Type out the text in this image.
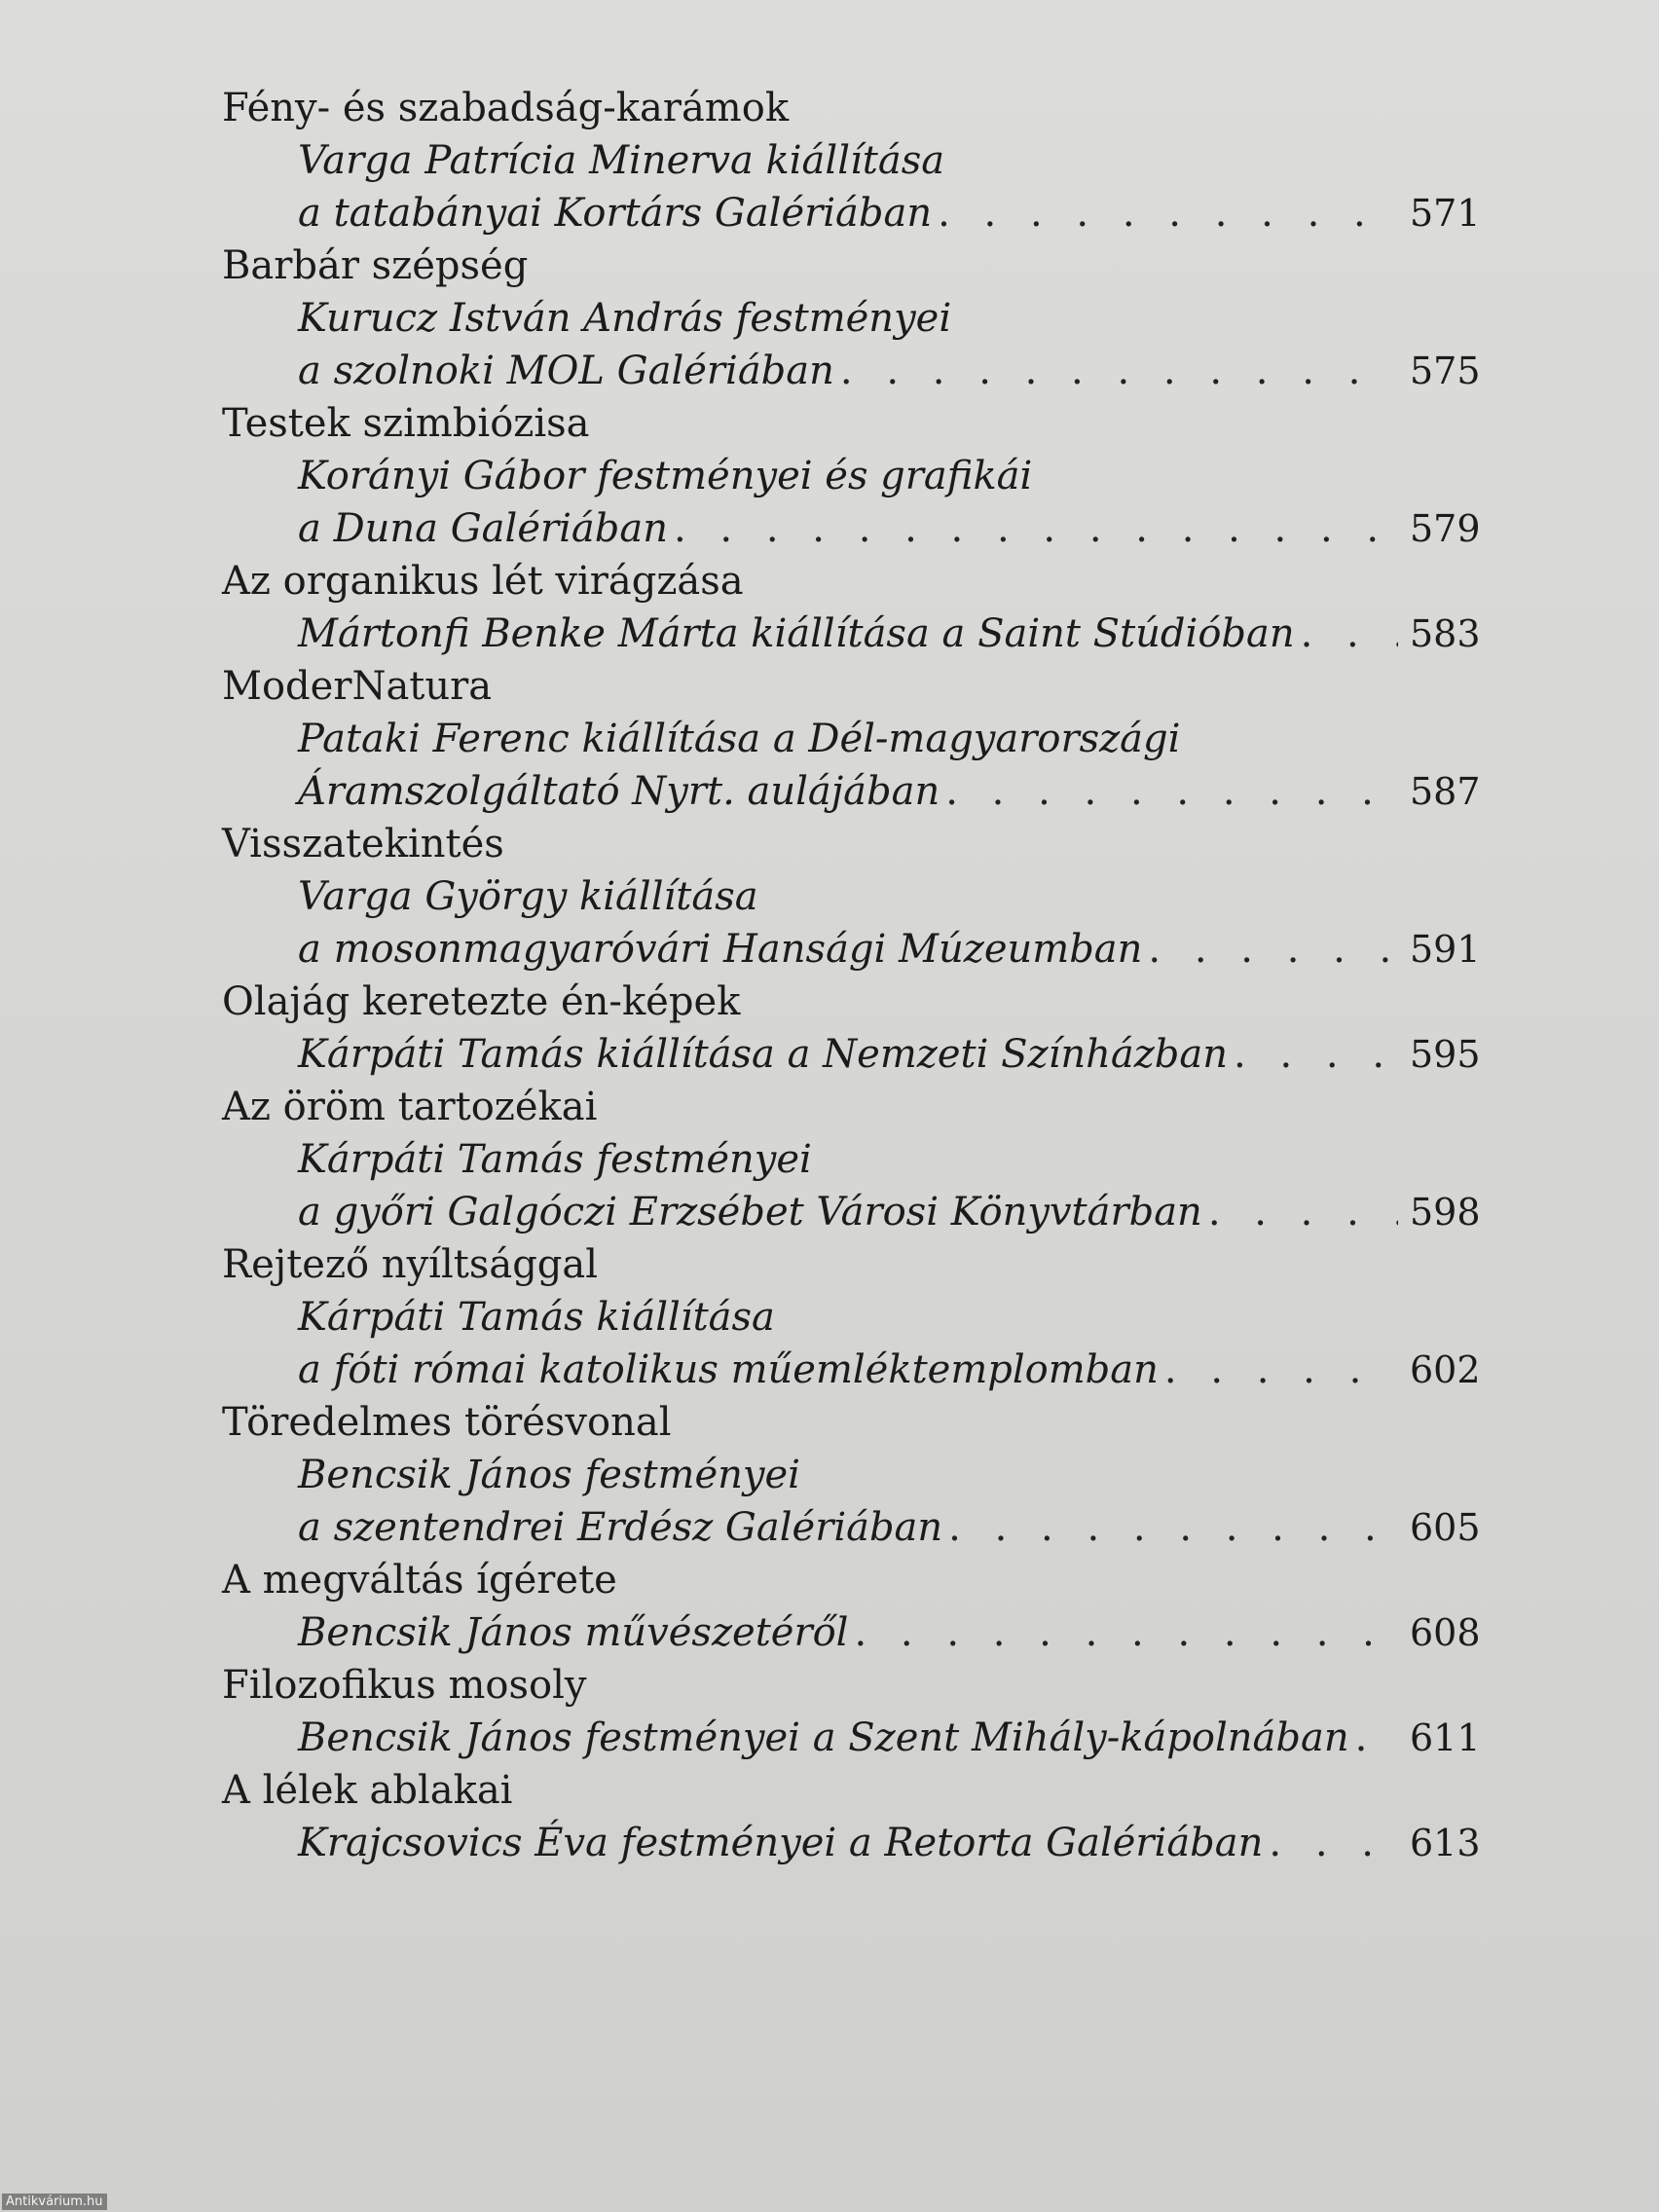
Fény- és szabadság-karámok
Varga Patrícia Minerva kiállítása
a tatabányai Kortárs Galériában . . .	571
Barbár szépség
Kurucz István András festményei
a szolnoki MOL Galériában . . .	575
Testek szimbiózisa
Korányi Gábor festményei és grafikái
a Duna Galériában . . .	579
Az organikus lét virágzása
Mártonfi Benke Márta kiállítása a Saint Stúdióban . . .	583
ModerNatura
Pataki Ferenc kiállítása a Dél-magyarországi
Áramszolgáltató Nyrt. aulájában . . .	587
Visszatekintés
Varga György kiállítása
a mosonmagyaróvári Hansági Múzeumban . . .	591
Olajág keretezte én-képek
Kárpáti Tamás kiállítása a Nemzeti Színházban . . .	595
Az öröm tartozékai
Kárpáti Tamás festményei
a győri Galgóczi Erzsébet Városi Könyvtárban . . .	598
Rejtező nyíltsággal
Kárpáti Tamás kiállítása
a fóti római katolikus műemléktemplomban . . .	602
Töredelmes törésvonal
Bencsik János festményei
a szentendrei Erdész Galériában . . .	605
A megváltás ígérete
Bencsik János művészetéről . . .	608
Filozofikus mosoly
Bencsik János festményei a Szent Mihály-kápolnában . . . 611
A lélek ablakai
Krajcsovics Éva festményei a Retorta Galériában . . .	613
Antikvárium.hu
